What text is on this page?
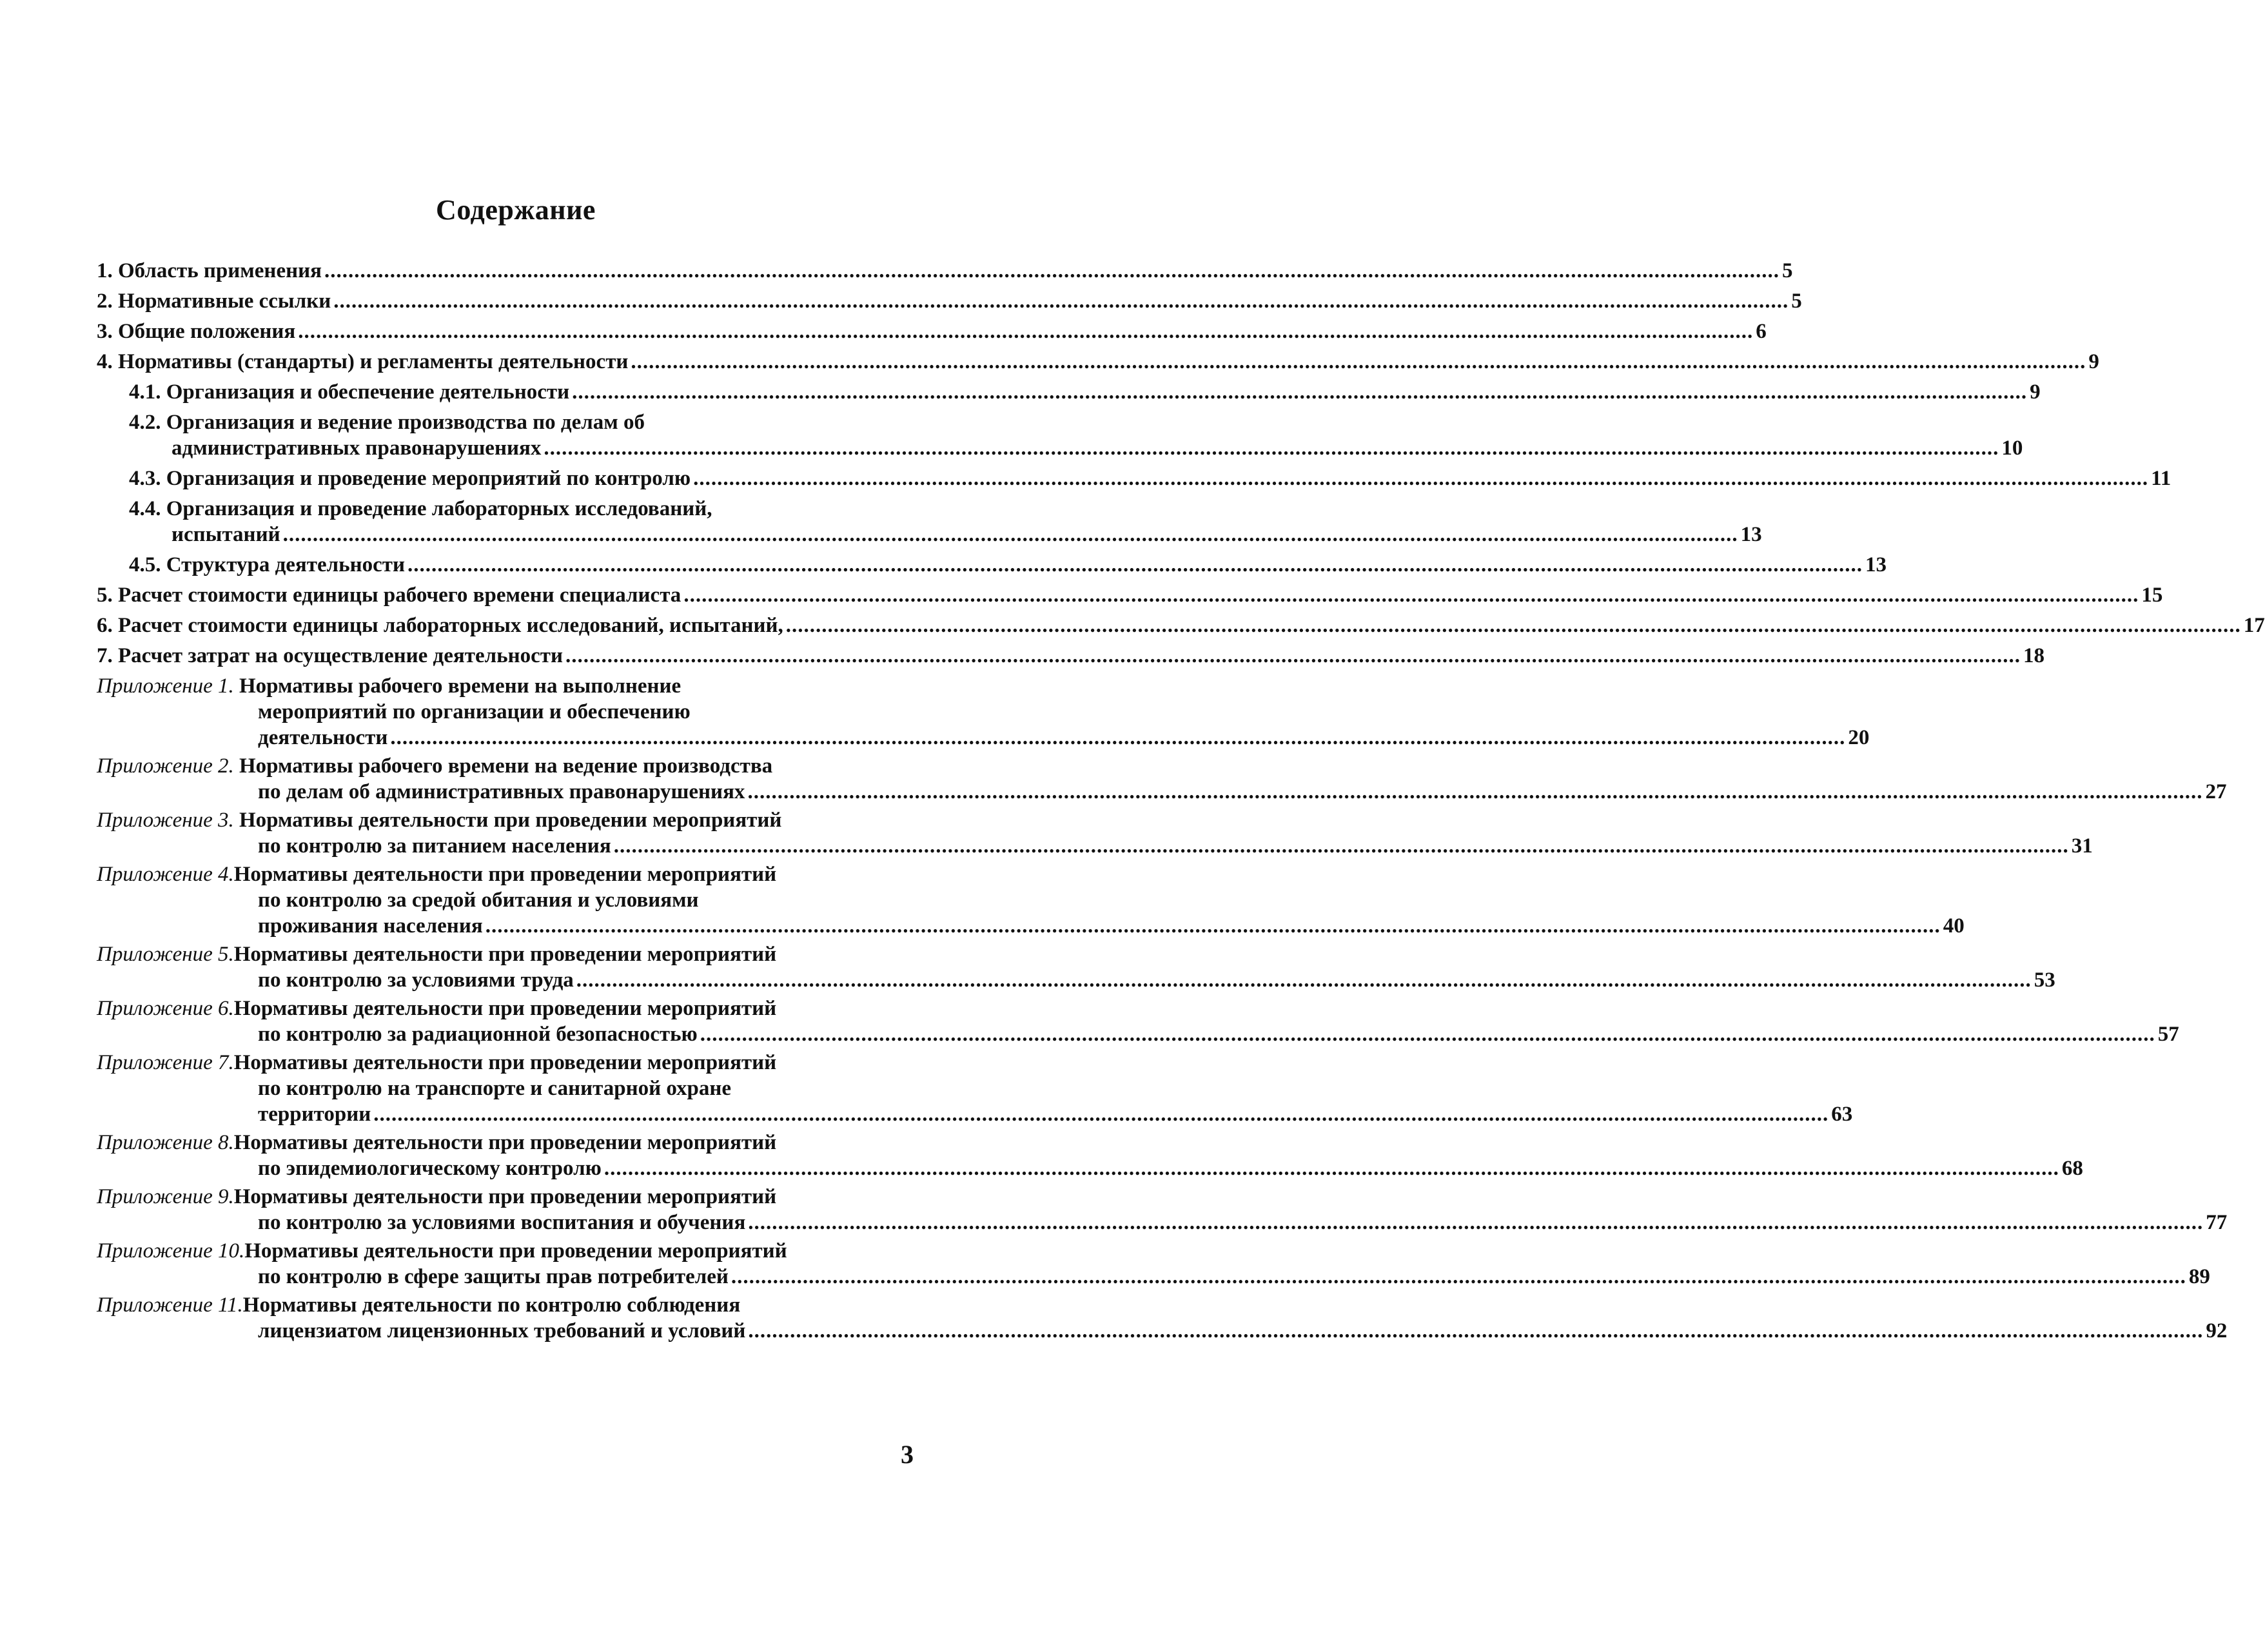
Содержание
1. Область применения .....	5
2. Нормативные ссылки .....	5
3. Общие положения .....	6
4. Нормативы (стандарты) и регламенты деятельности .....	9
4.1. Организация и обеспечение деятельности .....	9
4.2. Организация и ведение производства по делам об
административных правонарушениях .....	10
4.3. Организация и проведение мероприятий по контролю .....	11
4.4. Организация и проведение лабораторных исследований,
испытаний .....	13
4.5. Структура деятельности .....	13
5. Расчет стоимости единицы рабочего времени специалиста .....	15
6. Расчет стоимости единицы лабораторных исследований, испытаний, .....	17
7. Расчет затрат на осуществление деятельности .....	18
Приложение 1. Нормативы рабочего времени на выполнение
мероприятий по организации и обеспечению
деятельности .....	20
Приложение 2. Нормативы рабочего времени на ведение производства
по делам об административных правонарушениях .....	27
Приложение 3. Нормативы деятельности при проведении мероприятий
по контролю за питанием населения .....	31
Приложение 4.Нормативы деятельности при проведении мероприятий
по контролю за средой обитания и условиями
проживания населения .....	40
Приложение 5.Нормативы деятельности при проведении мероприятий
по контролю за условиями труда .....	53
Приложение 6.Нормативы деятельности при проведении мероприятий
по контролю за радиационной безопасностью .....	57
Приложение 7.Нормативы деятельности при проведении мероприятий
по контролю на транспорте и санитарной охране
территории .....	63
Приложение 8.Нормативы деятельности при проведении мероприятий
по эпидемиологическому контролю .....	68
Приложение 9.Нормативы деятельности при проведении мероприятий
по контролю за условиями воспитания и обучения .....	77
Приложение 10.Нормативы деятельности при проведении мероприятий
по контролю в сфере защиты прав потребителей .....	89
Приложение 11.Нормативы деятельности по контролю соблюдения
лицензиатом лицензионных требований и условий .....	92
3
